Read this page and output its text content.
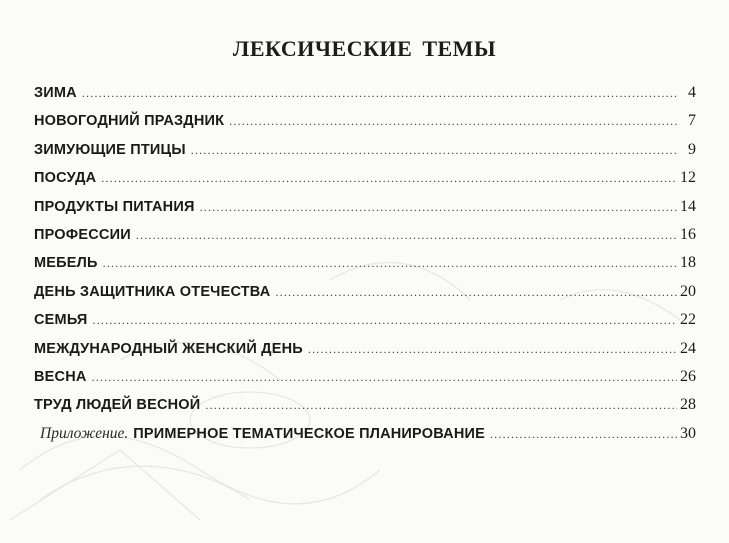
ЛЕКСИЧЕСКИЕ ТЕМЫ
ЗИМА .....	4
НОВОГОДНИЙ ПРАЗДНИК .....	7
ЗИМУЮЩИЕ ПТИЦЫ .....	9
ПОСУДА .....	12
ПРОДУКТЫ ПИТАНИЯ .....	14
ПРОФЕССИИ .....	16
МЕБЕЛЬ .....	18
ДЕНЬ ЗАЩИТНИКА ОТЕЧЕСТВА .....	20
СЕМЬЯ .....	22
МЕЖДУНАРОДНЫЙ ЖЕНСКИЙ ДЕНЬ .....	24
ВЕСНА .....	26
ТРУД ЛЮДЕЙ ВЕСНОЙ .....	28
Приложение. ПРИМЕРНОЕ ТЕМАТИЧЕСКОЕ ПЛАНИРОВАНИЕ .....	30
